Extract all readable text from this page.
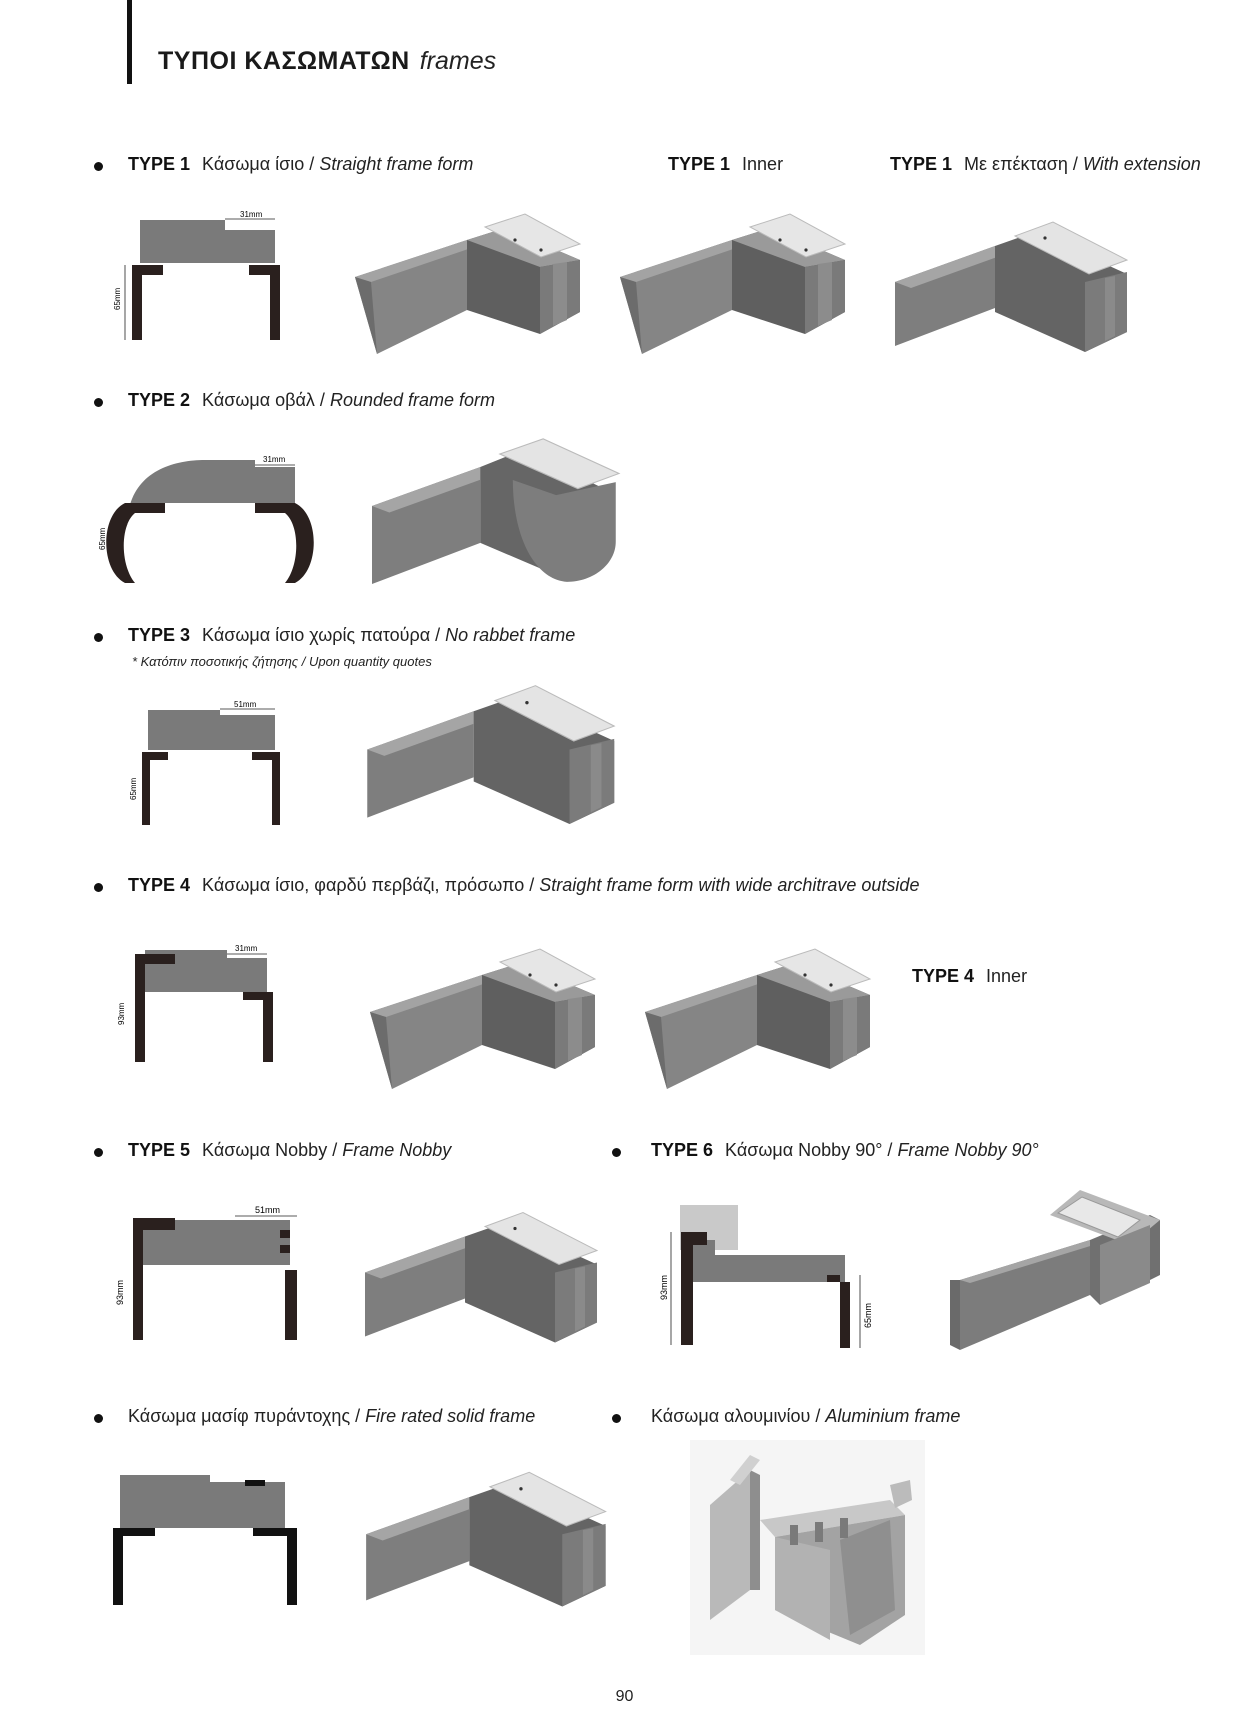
ΤΥΠΟΙ ΚΑΣΩΜΑΤΩΝ frames
TYPE 1 Κάσωμα ίσιο / Straight frame form	TYPE 1 Inner	TYPE 1 Με επέκταση / With extension
31mm
65mm
TYPE 2 Κάσωμα οβάλ / Rounded frame form
31mm
65mm
TYPE 3 Κάσωμα ίσιο χωρίς πατούρα / No rabbet frame
* Κατόπιν ποσοτικής ζήτησης / Upon quantity quotes
51mm
65mm
TYPE 4 Κάσωμα ίσιο, φαρδύ περβάζι, πρόσωπο / Straight frame form with wide architrave outside
31mm
93mm
TYPE 4 Inner
TYPE 5 Κάσωμα Nobby / Frame Nobby
51mm
93mm
TYPE 6 Κάσωμα Nobby 90° / Frame Nobby 90°
93mm
65mm
Κάσωμα μασίφ πυράντοχης / Fire rated solid frame	Κάσωμα αλουμινίου / Aluminium frame
90
